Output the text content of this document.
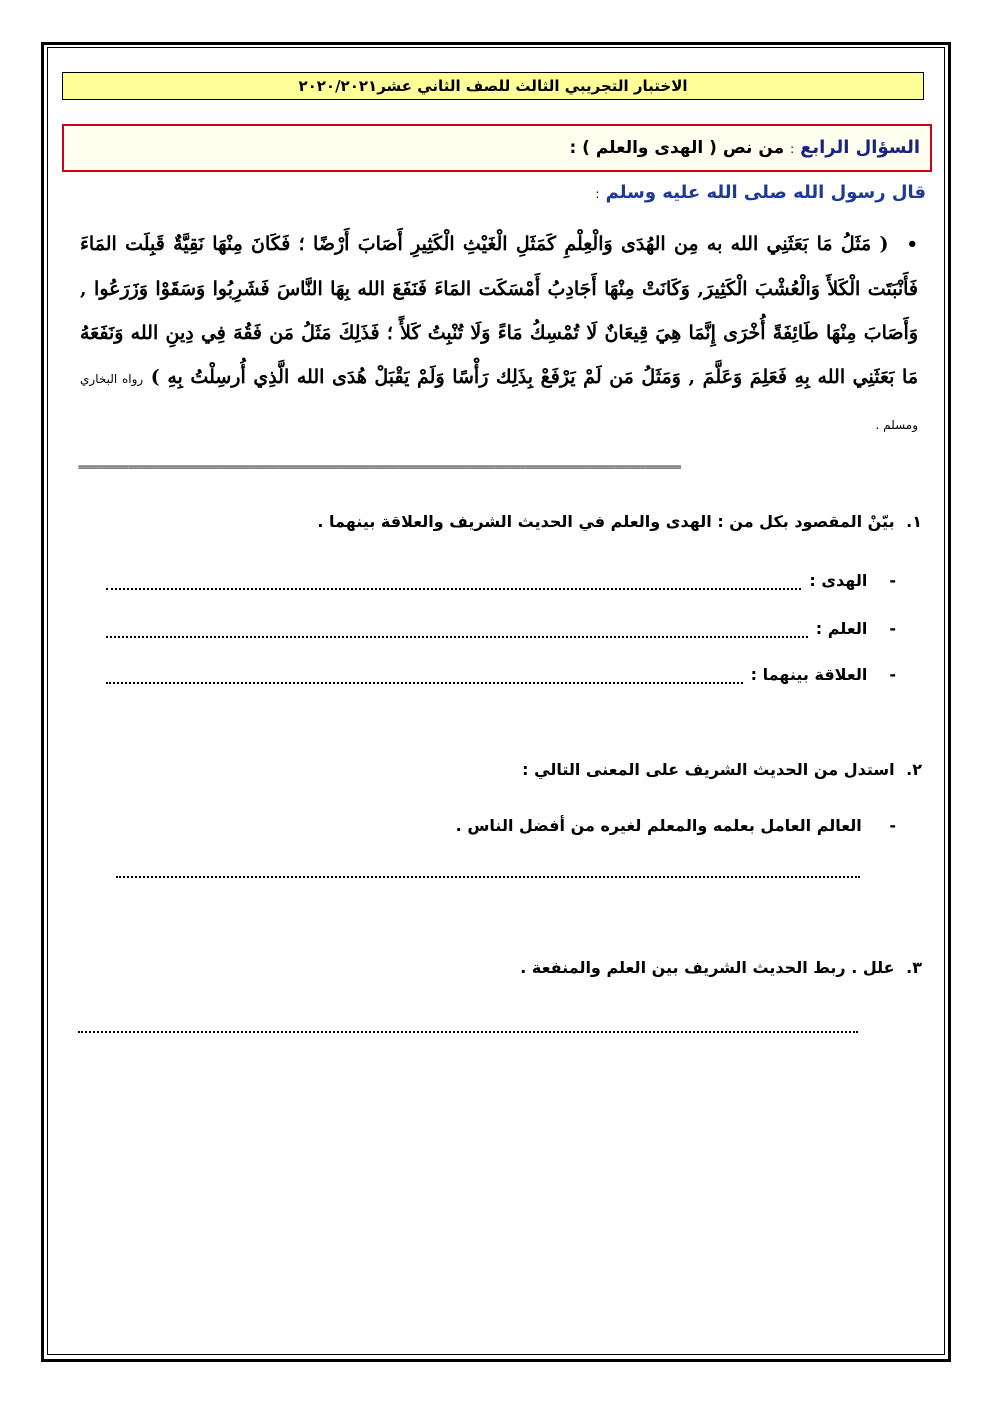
الاختبار التجريبي الثالث للصف الثاني عشر٢٠٢٠/٢٠٢١
السؤال الرابع : من نص ( الهدى والعلم ) :
قال رسول الله صلى الله عليه وسلم :
•( مَثَلُ مَا بَعَثَنِي الله به مِن الهُدَى وَالْعِلْمِ كَمَثَلِ الْغَيْثِ الْكَثِيرِ أَصَابَ أَرْضًا ؛ فَكَانَ مِنْهَا نَقِيَّةٌ قَبِلَت المَاءَ فَأَنْبَتَت الْكَلأَ وَالْعُشْبَ الْكَثِيرَ, وَكَانَتْ مِنْهَا أَجَادِبُ أَمْسَكَت المَاءَ فَنَفَعَ الله بِهَا النَّاسَ فَشَرِبُوا وَسَقَوْا وَزَرَعُوا , وَأَصَابَ مِنْهَا طَائِفَةً أُخْرَى إِنَّمَا هِيَ قِيعَانٌ لَا تُمْسِكُ مَاءً وَلَا تُنْبِتُ كَلأً ؛ فَذَلِكَ مَثَلُ مَن فَقُهَ فِي دِينِ الله وَنَفَعَهُ مَا بَعَثَنِي الله بِهِ فَعَلِمَ وَعَلَّمَ , وَمَثَلُ مَن لَمْ يَرْفَعْ بِذَلِك رَأْسًا وَلَمْ يَقْبَلْ هُدَى الله الَّذِي أُرسِلْتُ بِهِ ) رواه البخاري ومسلم .
========================================================================================================================
١. بيّنْ المقصود بكل من : الهدى والعلم في الحديث الشريف والعلاقة بينهما .
-
الهدى :
-
العلم :
-
العلاقة بينهما :
٢. استدل من الحديث الشريف على المعنى التالي :
- العالم العامل بعلمه والمعلم لغيره من أفضل الناس .
٣. علل . ربط الحديث الشريف بين العلم والمنفعة .
